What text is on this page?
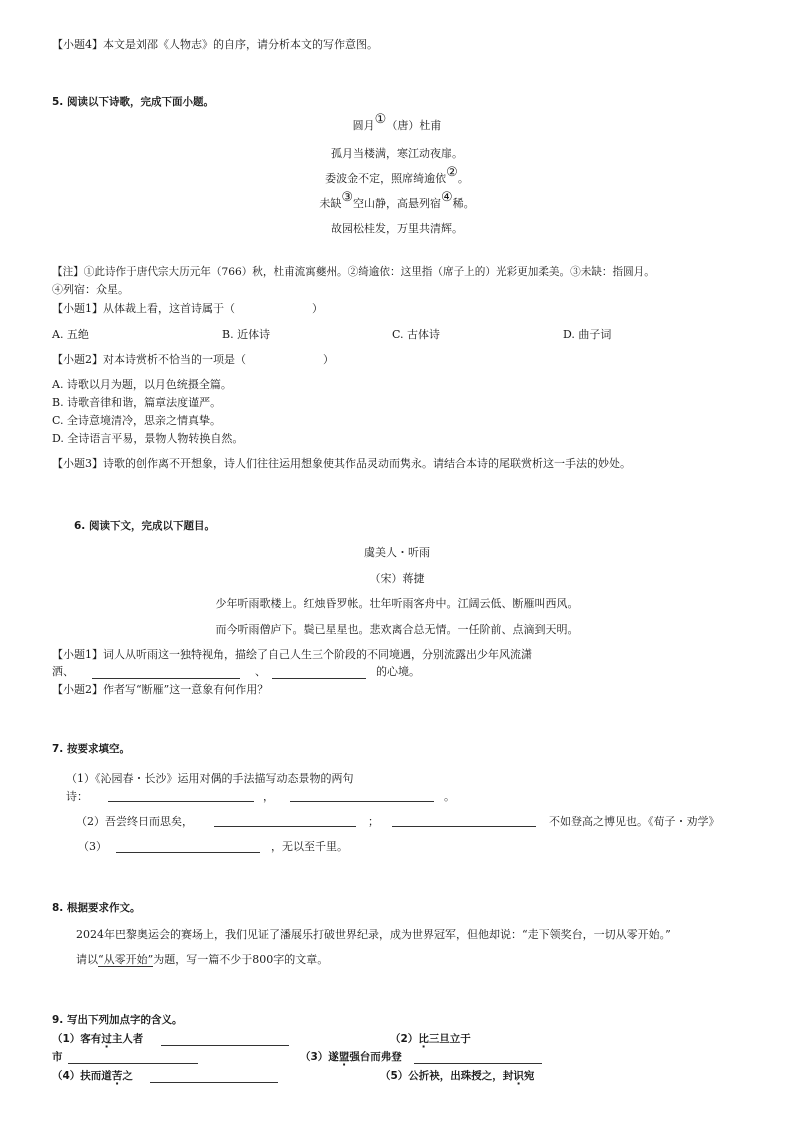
【小题4】本文是刘邵《人物志》的自序，请分析本文的写作意图。
5. 阅读以下诗歌，完成下面小题。
圆月①（唐）杜甫
孤月当楼满，寒江动夜扉。
委波金不定，照席绮逾依②。
未缺③空山静，高悬列宿④稀。
故园松桂发，万里共清辉。
【注】①此诗作于唐代宗大历元年（766）秋，杜甫流寓夔州。②绮逾依：这里指（席子上的）光彩更加柔美。③未缺：指圆月。
④列宿：众星。
【小题1】从体裁上看，这首诗属于（	）
A. 五绝	B. 近体诗	C. 古体诗	D. 曲子词
【小题2】对本诗赏析不恰当的一项是（	）
A. 诗歌以月为题，以月色统摄全篇。
B. 诗歌音律和谐，篇章法度谨严。
C. 全诗意境清冷，思亲之情真挚。
D. 全诗语言平易，景物人物转换自然。
【小题3】诗歌的创作离不开想象，诗人们往往运用想象使其作品灵动而隽永。请结合本诗的尾联赏析这一手法的妙处。
6. 阅读下文，完成以下题目。
虞美人・听雨
（宋）蒋捷
少年听雨歌楼上。红烛昏罗帐。壮年听雨客舟中。江阔云低、断雁叫西风。
而今听雨僧庐下。鬓已星星也。悲欢离合总无情。一任阶前、点滴到天明。
【小题1】词人从听雨这一独特视角，描绘了自己人生三个阶段的不同境遇，分别流露出少年风流潇
洒、	、	的心境。
【小题2】作者写“断雁”这一意象有何作用？
7. 按要求填空。
（1）《沁园春・长沙》运用对偶的手法描写动态景物的两句
诗：	，	。
（2）吾尝终日而思矣，	；	不如登高之博见也。《荀子・劝学》
（3）	，无以至千里。
8. 根据要求作文。
2024年巴黎奥运会的赛场上，我们见证了潘展乐打破世界纪录，成为世界冠军，但他却说：“走下领奖台，一切从零开始。”
请以“从零开始”为题，写一篇不少于800字的文章。
9. 写出下列加点字的含义。
（1）客有过主人者	（2）比三旦立于
市	（3）遂盟强台而弗登
（4）扶而道苦之	（5）公折袂，出珠授之，封识宛
